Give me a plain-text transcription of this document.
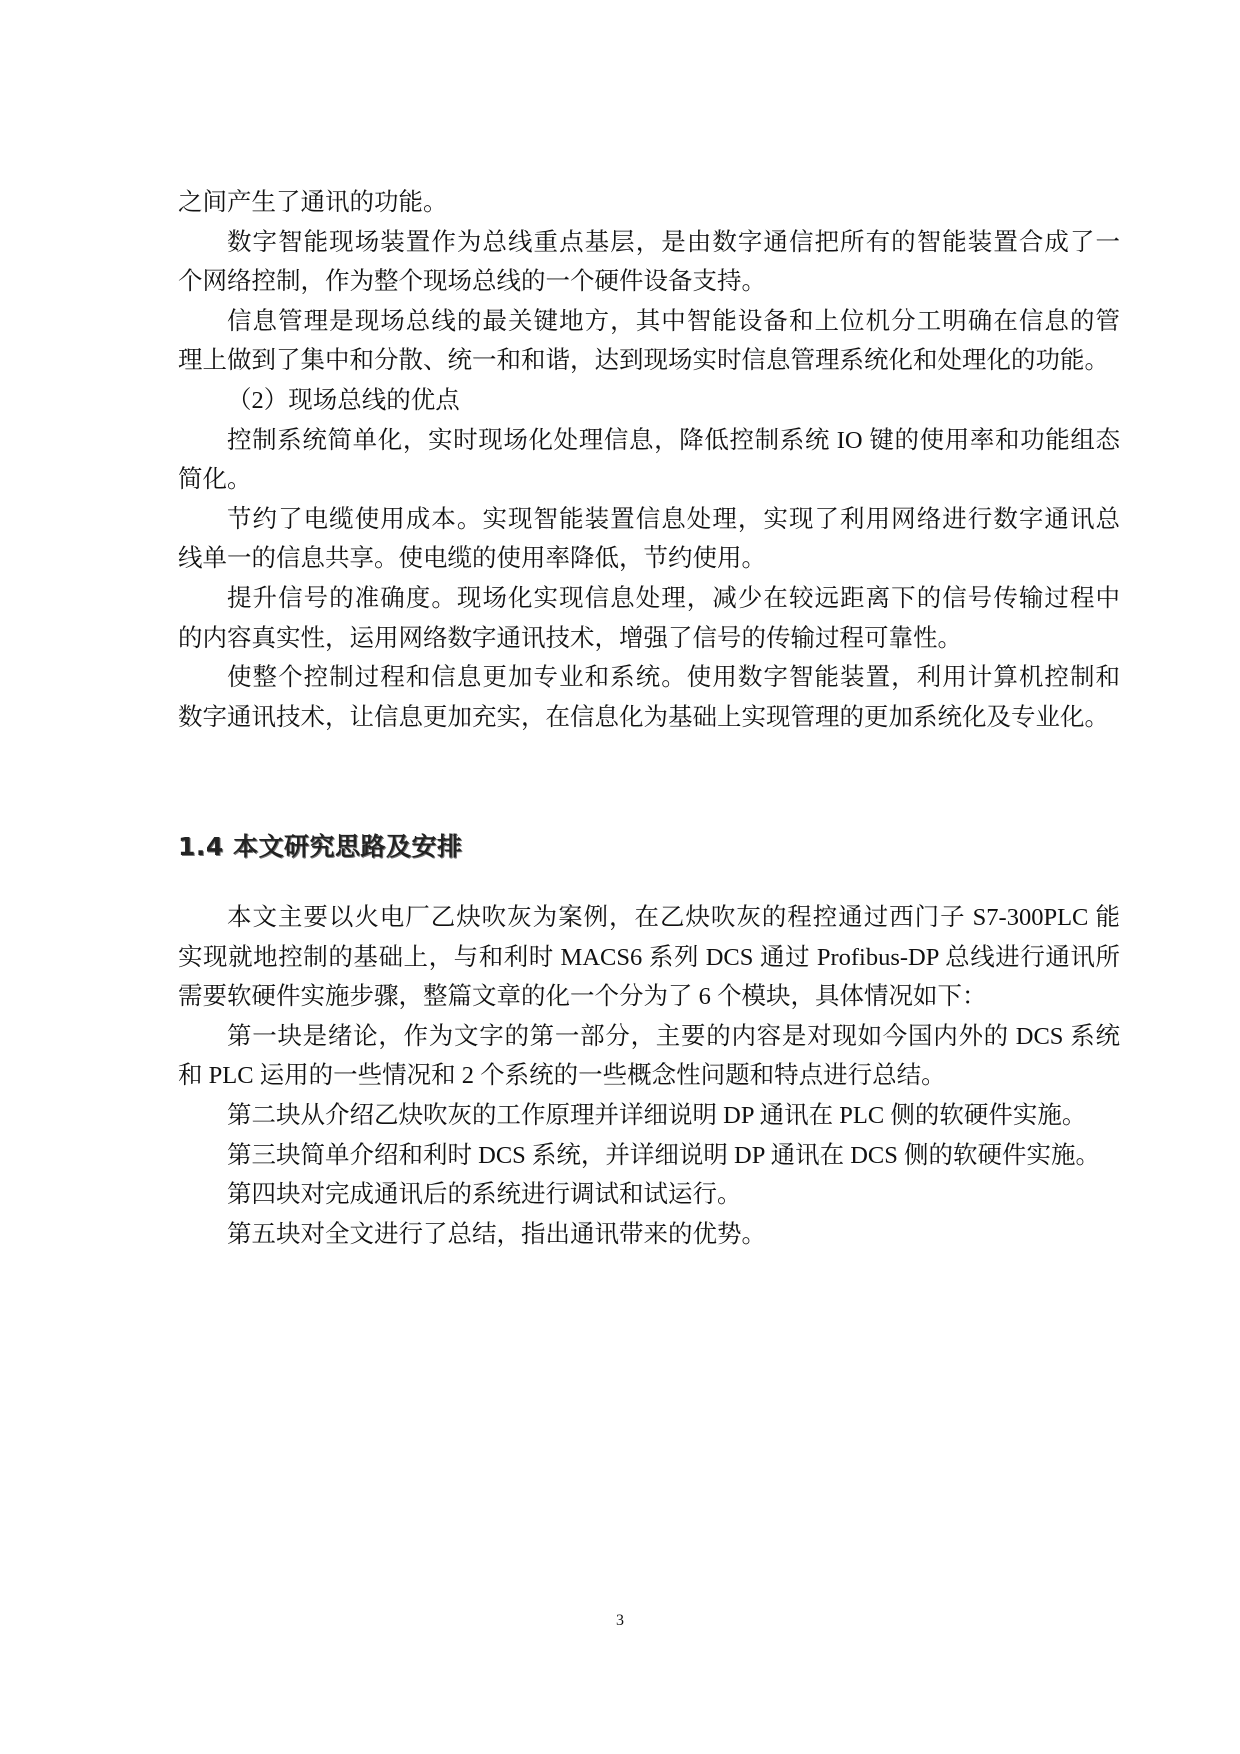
之间产生了通讯的功能。
数字智能现场装置作为总线重点基层，是由数字通信把所有的智能装置合成了一
个网络控制，作为整个现场总线的一个硬件设备支持。
信息管理是现场总线的最关键地方，其中智能设备和上位机分工明确在信息的管
理上做到了集中和分散、统一和和谐，达到现场实时信息管理系统化和处理化的功能。
（2）现场总线的优点
控制系统简单化，实时现场化处理信息，降低控制系统 IO 键的使用率和功能组态
简化。
节约了电缆使用成本。实现智能装置信息处理，实现了利用网络进行数字通讯总
线单一的信息共享。使电缆的使用率降低，节约使用。
提升信号的准确度。现场化实现信息处理，减少在较远距离下的信号传输过程中
的内容真实性，运用网络数字通讯技术，增强了信号的传输过程可靠性。
使整个控制过程和信息更加专业和系统。使用数字智能装置，利用计算机控制和
数字通讯技术，让信息更加充实，在信息化为基础上实现管理的更加系统化及专业化。
1.4 本文研究思路及安排
本文主要以火电厂乙炔吹灰为案例，在乙炔吹灰的程控通过西门子 S7-300PLC 能
实现就地控制的基础上，与和利时 MACS6 系列 DCS 通过 Profibus-DP 总线进行通讯所
需要软硬件实施步骤，整篇文章的化一个分为了 6 个模块，具体情况如下：
第一块是绪论，作为文字的第一部分，主要的内容是对现如今国内外的 DCS 系统
和 PLC 运用的一些情况和 2 个系统的一些概念性问题和特点进行总结。
第二块从介绍乙炔吹灰的工作原理并详细说明 DP 通讯在 PLC 侧的软硬件实施。
第三块简单介绍和利时 DCS 系统，并详细说明 DP 通讯在 DCS 侧的软硬件实施。
第四块对完成通讯后的系统进行调试和试运行。
第五块对全文进行了总结，指出通讯带来的优势。
3
